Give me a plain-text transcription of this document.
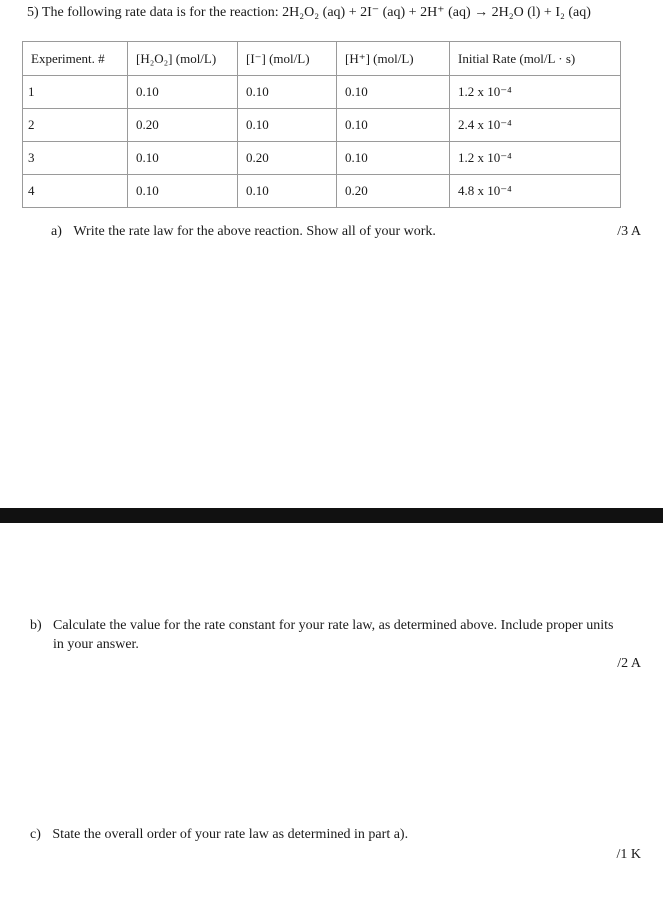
5) The following rate data is for the reaction: 2H₂O₂ (aq) + 2I⁻ (aq) + 2H⁺ (aq) → 2H₂O (l) + I₂ (aq)
Experiment. #	[H₂O₂] (mol/L)	[I⁻] (mol/L)	[H⁺] (mol/L)	Initial Rate (mol/L · s)
1	0.10	0.10	0.10	1.2 x 10⁻⁴
2	0.20	0.10	0.10	2.4 x 10⁻⁴
3	0.10	0.20	0.10	1.2 x 10⁻⁴
4	0.10	0.10	0.20	4.8 x 10⁻⁴
a) Write the rate law for the above reaction. Show all of your work.	/3 A
b) Calculate the value for the rate constant for your rate law, as determined above. Include proper units
in your answer.
/2 A
c) State the overall order of your rate law as determined in part a).
/1 K
